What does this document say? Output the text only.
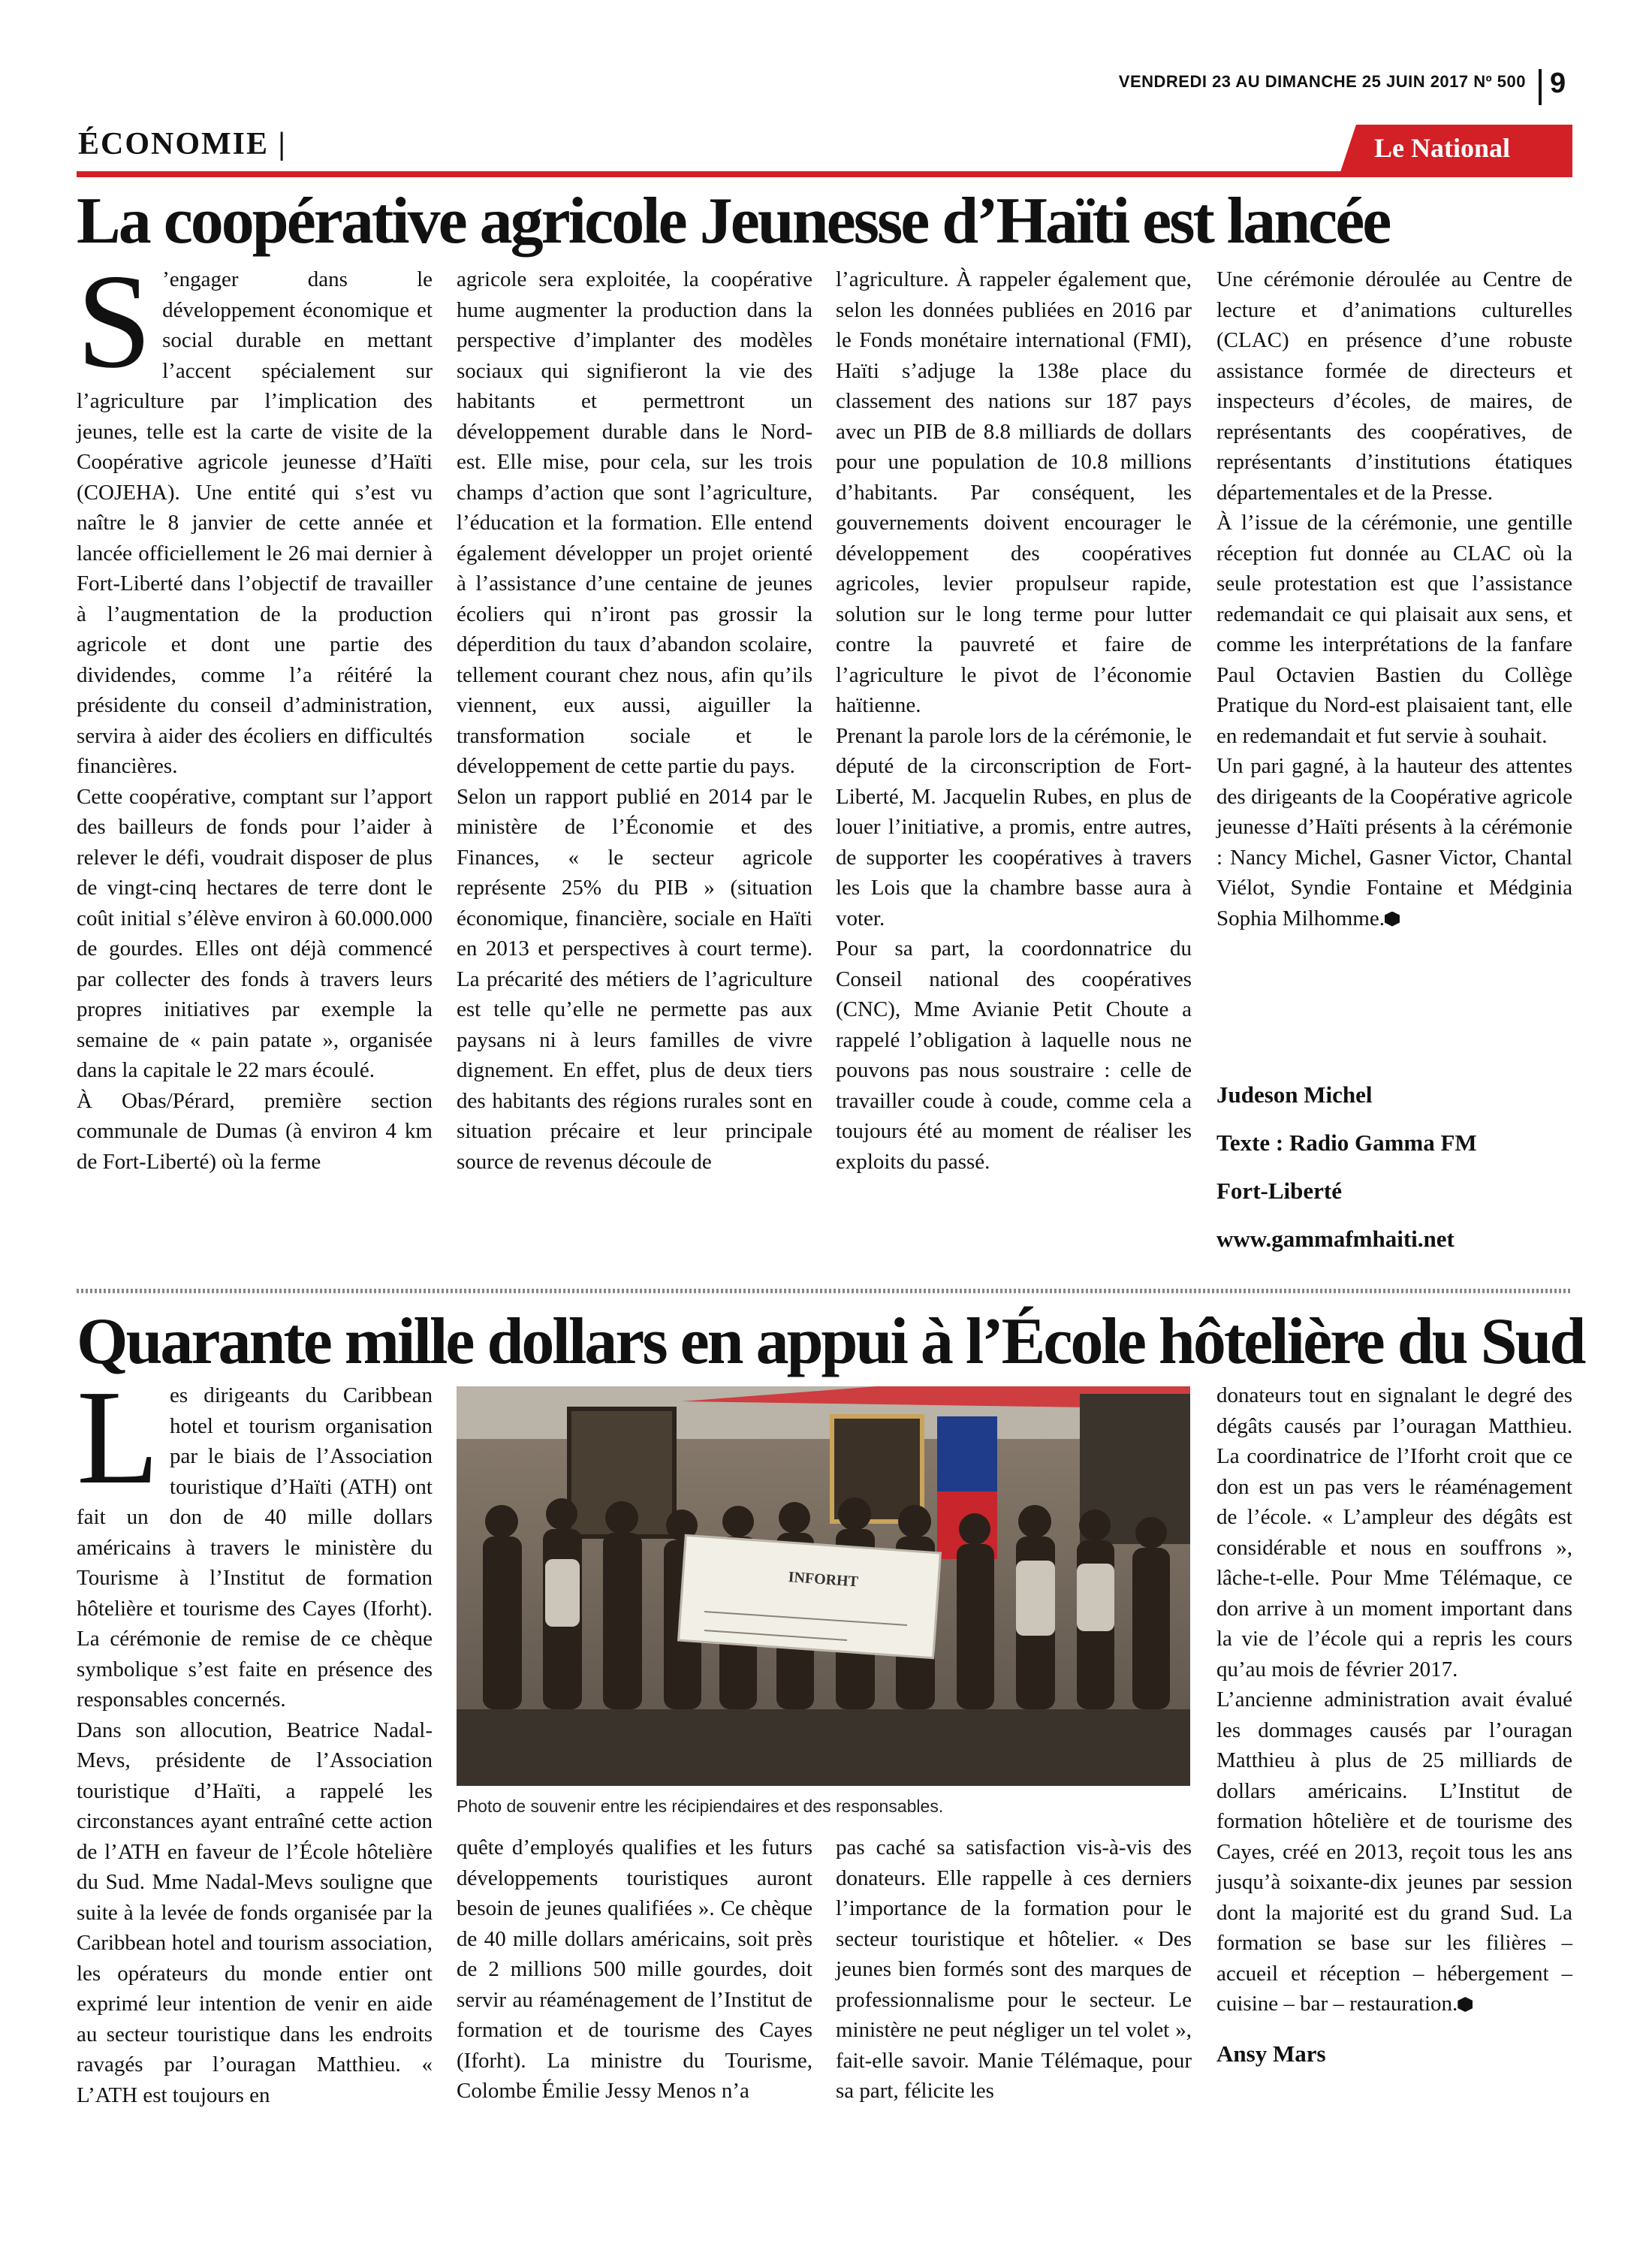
VENDREDI 23 AU DIMANCHE 25 JUIN 2017 Nº 500 9
ÉCONOMIE |	Le National
La coopérative agricole Jeunesse d’Haïti est lancée
S ’engager dans le développement économique et social durable en mettant l’accent spécialement sur l’agriculture par l’implication des jeunes, telle est la carte de visite de la Coopérative agricole jeunesse d’Haïti (COJEHA). Une entité qui s’est vu naître le 8 janvier de cette année et lancée officiellement le 26 mai dernier à Fort-Liberté dans l’objectif de travailler à l’augmentation de la production agricole et dont une partie des dividendes, comme l’a réitéré la présidente du conseil d’administration, servira à aider des écoliers en difficultés financières.

Cette coopérative, comptant sur l’apport des bailleurs de fonds pour l’aider à relever le défi, voudrait disposer de plus de vingt-cinq hectares de terre dont le coût initial s’élève environ à 60.000.000 de gourdes. Elles ont déjà commencé par collecter des fonds à travers leurs propres initiatives par exemple la semaine de « pain patate », organisée dans la capitale le 22 mars écoulé.

À Obas/Pérard, première section communale de Dumas (à environ 4 km de Fort-Liberté) où la ferme

agricole sera exploitée, la coopérative hume augmenter la production dans la perspective d’implanter des modèles sociaux qui signifieront la vie des habitants et permettront un développement durable dans le Nord-est. Elle mise, pour cela, sur les trois champs d’action que sont l’agriculture, l’éducation et la formation. Elle entend également développer un projet orienté à l’assistance d’une centaine de jeunes écoliers qui n’iront pas grossir la déperdition du taux d’abandon scolaire, tellement courant chez nous, afin qu’ils viennent, eux aussi, aiguiller la transformation sociale et le développement de cette partie du pays.

Selon un rapport publié en 2014 par le ministère de l’Économie et des Finances, « le secteur agricole représente 25% du PIB » (situation économique, financière, sociale en Haïti en 2013 et perspectives à court terme). La précarité des métiers de l’agriculture est telle qu’elle ne permette pas aux paysans ni à leurs familles de vivre dignement. En effet, plus de deux tiers des habitants des régions rurales sont en situation précaire et leur principale source de revenus découle de

l’agriculture. À rappeler également que, selon les données publiées en 2016 par le Fonds monétaire international (FMI), Haïti s’adjuge la 138e place du classement des nations sur 187 pays avec un PIB de 8.8 milliards de dollars pour une population de 10.8 millions d’habitants. Par conséquent, les gouvernements doivent encourager le développement des coopératives agricoles, levier propulseur rapide, solution sur le long terme pour lutter contre la pauvreté et faire de l’agriculture le pivot de l’économie haïtienne.

Prenant la parole lors de la cérémonie, le député de la circonscription de Fort-Liberté, M. Jacquelin Rubes, en plus de louer l’initiative, a promis, entre autres, de supporter les coopératives à travers les Lois que la chambre basse aura à voter.

Pour sa part, la coordonnatrice du Conseil national des coopératives (CNC), Mme Avianie Petit Choute a rappelé l’obligation à laquelle nous ne pouvons pas nous soustraire : celle de travailler coude à coude, comme cela a toujours été au moment de réaliser les exploits du passé.

Une cérémonie déroulée au Centre de lecture et d’animations culturelles (CLAC) en présence d’une robuste assistance formée de directeurs et inspecteurs d’écoles, de maires, de représentants des coopératives, de représentants d’institutions étatiques départementales et de la Presse.

À l’issue de la cérémonie, une gentille réception fut donnée au CLAC où la seule protestation est que l’assistance redemandait ce qui plaisait aux sens, et comme les interprétations de la fanfare Paul Octavien Bastien du Collège Pratique du Nord-est plaisaient tant, elle en redemandait et fut servie à souhait.

Un pari gagné, à la hauteur des attentes des dirigeants de la Coopérative agricole jeunesse d’Haïti présents à la cérémonie : Nancy Michel, Gasner Victor, Chantal Viélot, Syndie Fontaine et Médginia Sophia Milhomme.

Judeson Michel

Texte : Radio Gamma FM

Fort-Liberté

www.gammafmhaiti.net

Quarante mille dollars en appui à l’École hôtelière du Sud
L es dirigeants du Caribbean hotel et tourism organisation par le biais de l’Association touristique d’Haïti (ATH) ont fait un don de 40 mille dollars américains à travers le ministère du Tourisme à l’Institut de formation hôtelière et tourisme des Cayes (Iforht). La cérémonie de remise de ce chèque symbolique s’est faite en présence des responsables concernés.

Dans son allocution, Beatrice Nadal-Mevs, présidente de l’Association touristique d’Haïti, a rappelé les circonstances ayant entraîné cette action de l’ATH en faveur de l’École hôtelière du Sud. Mme Nadal-Mevs souligne que suite à la levée de fonds organisée par la Caribbean hotel and tourism association, les opérateurs du monde entier ont exprimé leur intention de venir en aide au secteur touristique dans les endroits ravagés par l’ouragan Matthieu. « L’ATH est toujours en

INFORHT
Photo de souvenir entre les récipiendaires et des responsables.

quête d’employés qualifies et les futurs développements touristiques auront besoin de jeunes qualifiées ». Ce chèque de 40 mille dollars américains, soit près de 2 millions 500 mille gourdes, doit servir au réaménagement de l’Institut de formation et de tourisme des Cayes (Iforht). La ministre du Tourisme, Colombe Émilie Jessy Menos n’a

pas caché sa satisfaction vis-à-vis des donateurs. Elle rappelle à ces derniers l’importance de la formation pour le secteur touristique et hôtelier. « Des jeunes bien formés sont des marques de professionnalisme pour le secteur. Le ministère ne peut négliger un tel volet », fait-elle savoir. Manie Télémaque, pour sa part, félicite les

donateurs tout en signalant le degré des dégâts causés par l’ouragan Matthieu. La coordinatrice de l’Iforht croit que ce don est un pas vers le réaménagement de l’école. « L’ampleur des dégâts est considérable et nous en souffrons », lâche-t-elle. Pour Mme Télémaque, ce don arrive à un moment important dans la vie de l’école qui a repris les cours qu’au mois de février 2017.

L’ancienne administration avait évalué les dommages causés par l’ouragan Matthieu à plus de 25 milliards de dollars américains. L’Institut de formation hôtelière et de tourisme des Cayes, créé en 2013, reçoit tous les ans jusqu’à soixante-dix jeunes par session dont la majorité est du grand Sud. La formation se base sur les filières – accueil et réception – hébergement – cuisine – bar – restauration.

Ansy Mars
